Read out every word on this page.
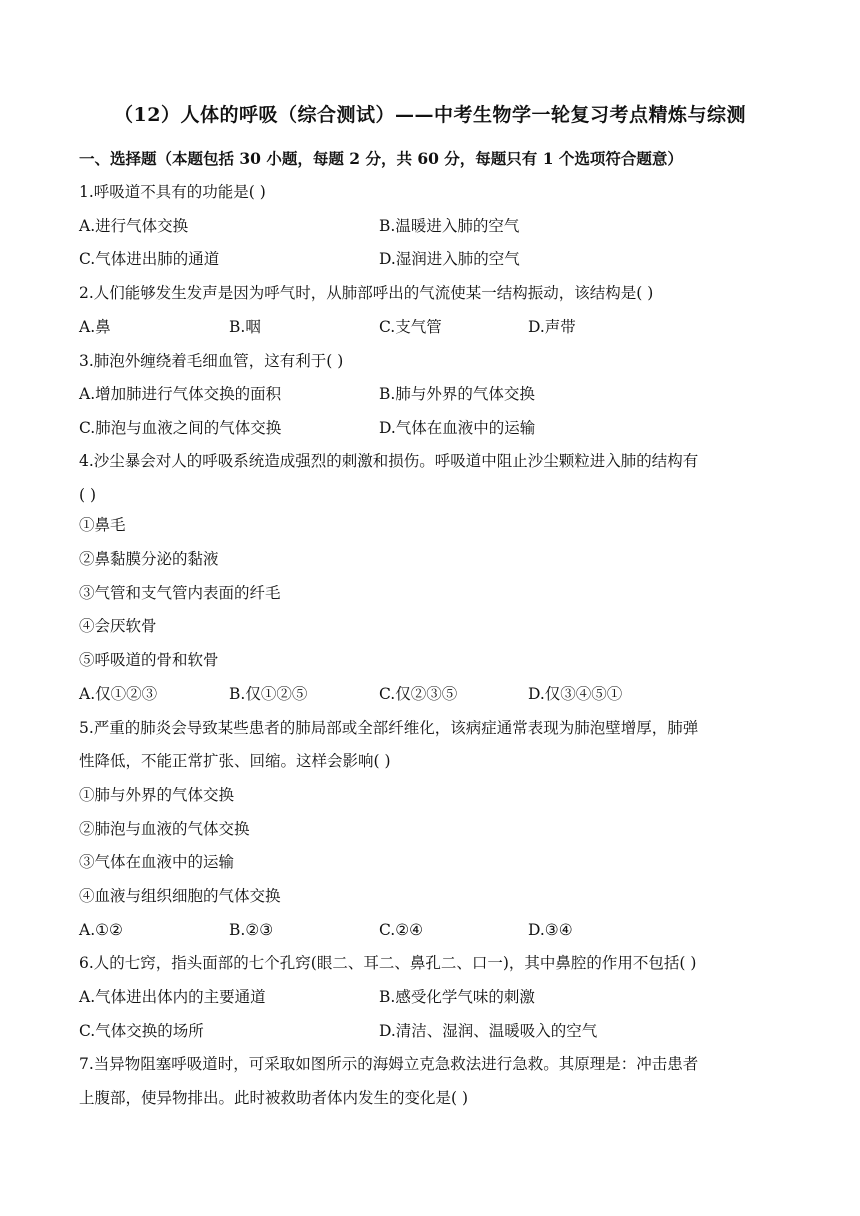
（12）人体的呼吸（综合测试）——中考生物学一轮复习考点精炼与综测
一、选择题（本题包括 30 小题，每题 2 分，共 60 分，每题只有 1 个选项符合题意）
1.呼吸道不具有的功能是( )
A.进行气体交换	B.温暖进入肺的空气
C.气体进出肺的通道	D.湿润进入肺的空气
2.人们能够发生发声是因为呼气时，从肺部呼出的气流使某一结构振动，该结构是( )
A.鼻	B.咽	C.支气管	D.声带
3.肺泡外缠绕着毛细血管，这有利于( )
A.增加肺进行气体交换的面积	B.肺与外界的气体交换
C.肺泡与血液之间的气体交换	D.气体在血液中的运输
4.沙尘暴会对人的呼吸系统造成强烈的刺激和损伤。呼吸道中阻止沙尘颗粒进入肺的结构有
( )
①鼻毛
②鼻黏膜分泌的黏液
③气管和支气管内表面的纤毛
④会厌软骨
⑤呼吸道的骨和软骨
A.仅①②③	B.仅①②⑤	C.仅②③⑤	D.仅③④⑤①
5.严重的肺炎会导致某些患者的肺局部或全部纤维化，该病症通常表现为肺泡壁增厚，肺弹
性降低，不能正常扩张、回缩。这样会影响( )
①肺与外界的气体交换
②肺泡与血液的气体交换
③气体在血液中的运输
④血液与组织细胞的气体交换
A.①②	B.②③	C.②④	D.③④
6.人的七窍，指头面部的七个孔窍(眼二、耳二、鼻孔二、口一)，其中鼻腔的作用不包括( )
A.气体进出体内的主要通道	B.感受化学气味的刺激
C.气体交换的场所	D.清洁、湿润、温暖吸入的空气
7.当异物阻塞呼吸道时，可采取如图所示的海姆立克急救法进行急救。其原理是：冲击患者
上腹部，使异物排出。此时被救助者体内发生的变化是( )
